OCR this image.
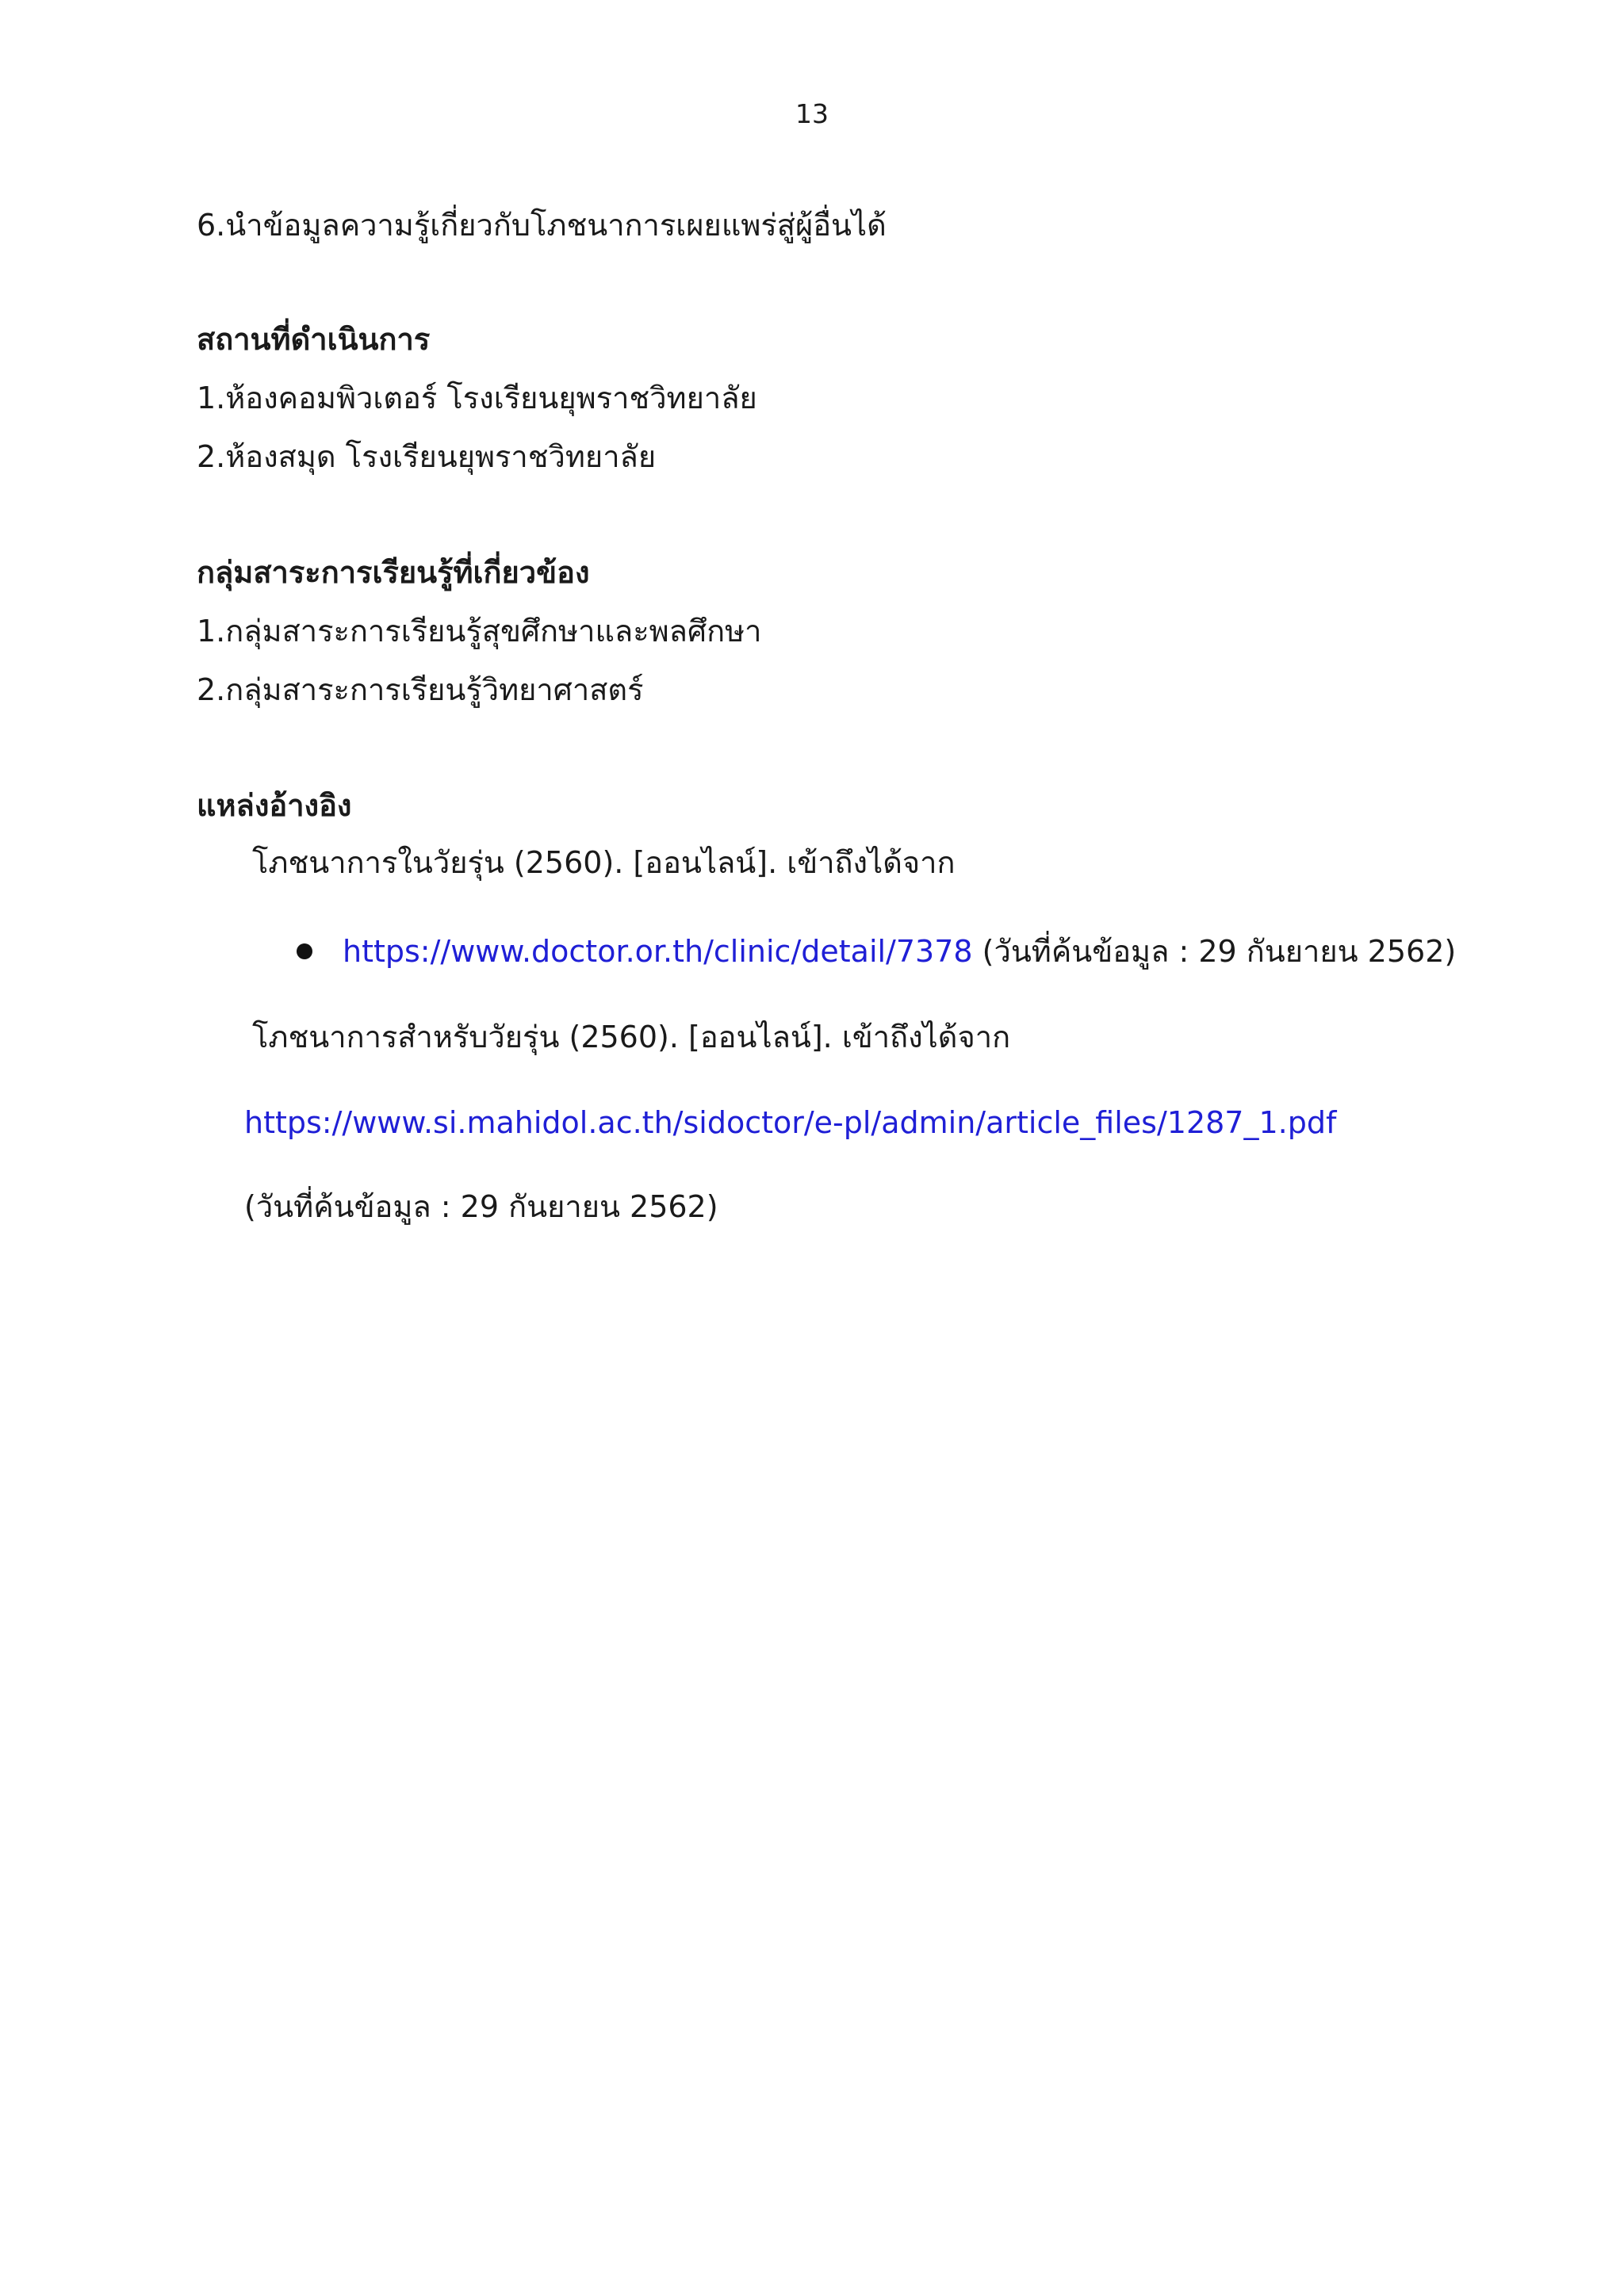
13
6.นำข้อมูลความรู้เกี่ยวกับโภชนาการเผยแพร่สู่ผู้อื่นได้
สถานที่ดำเนินการ
1.ห้องคอมพิวเตอร์ โรงเรียนยุพราชวิทยาลัย
2.ห้องสมุด โรงเรียนยุพราชวิทยาลัย
กลุ่มสาระการเรียนรู้ที่เกี่ยวข้อง
1.กลุ่มสาระการเรียนรู้สุขศึกษาและพลศึกษา
2.กลุ่มสาระการเรียนรู้วิทยาศาสตร์
แหล่งอ้างอิง
โภชนาการในวัยรุ่น (2560). [ออนไลน์]. เข้าถึงได้จาก
https://www.doctor.or.th/clinic/detail/7378 (วันที่ค้นข้อมูล : 29 กันยายน 2562)
โภชนาการสำหรับวัยรุ่น (2560). [ออนไลน์]. เข้าถึงได้จาก
https://www.si.mahidol.ac.th/sidoctor/e-pl/admin/article_files/1287_1.pdf
(วันที่ค้นข้อมูล : 29 กันยายน 2562)
